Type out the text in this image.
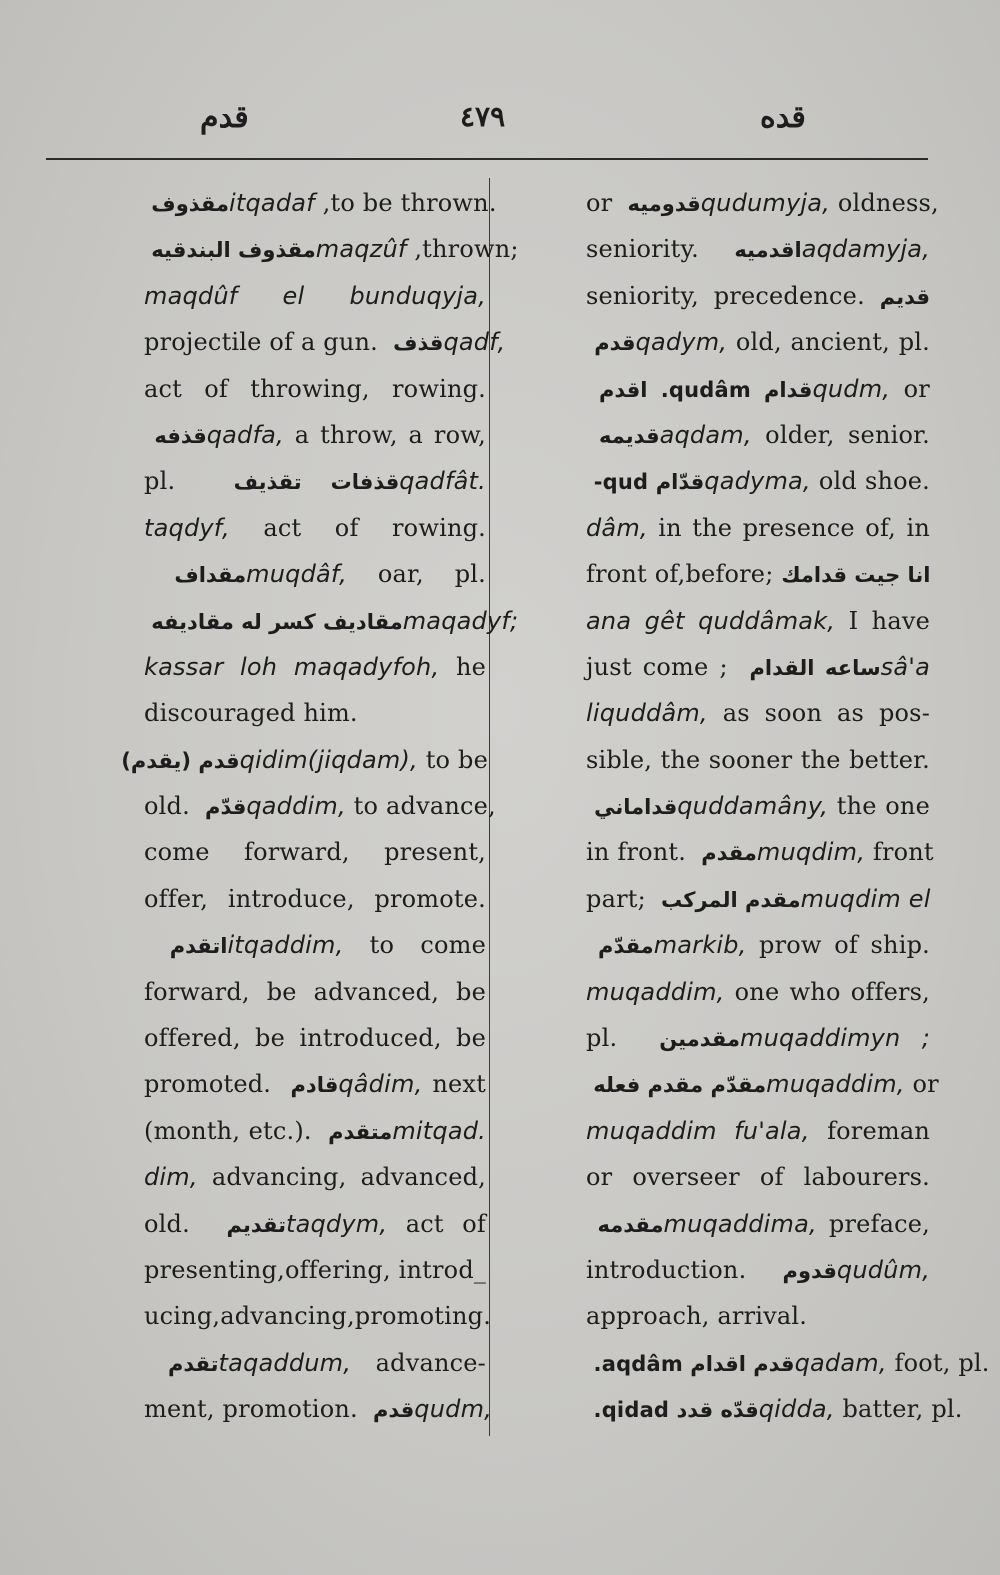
قدم	٤٧٩	قده
مقذوف itqadaf ,to be thrown.
مقذوف البندقيه maqzûf ,thrown;
maqdûf el bunduqyja,
projectile of a gun. قذف qadf,
act of throwing, rowing.
قذفه qadfa, a throw, a row,
pl. قذفات تقذيف qadfât.
taqdyf, act of rowing.
مقداف muqdâf, oar, pl.
مقاديف كسر له مقاديفه maqadyf;
kassar loh maqadyfoh, he
discouraged him.
قدم (يقدم) qidim(jiqdam), to be
old. قدّم qaddim, to advance,
come forward, present,
offer, introduce, promote.
اتقدم itqaddim, to come
forward, be advanced, be
offered, be introduced, be
promoted. قادم qâdim, next
(month, etc.). متقدم mitqad.
dim, advancing, advanced,
old. تقديم taqdym, act of
presenting,offering, introd_
ucing,advancing,promoting.
تقدم taqaddum, advance-
ment, promotion. قدم qudm,
or قدوميه qudumyja, oldness,
seniority. اقدميه aqdamyja,
seniority, precedence. قديم
قدم qadym, old, ancient, pl.
قدام qudâm. اقدم qudm, or
قديمه aqdam, older, senior.
قدّام qud- qadyma, old shoe.
dâm, in the presence of, in
front of,before; انا جيت قدامك
ana gêt quddâmak, I have
just come ; ساعه القدام sâ'a
liquddâm, as soon as pos-
sible, the sooner the better.
قداماني quddamâny, the one
in front. مقدم muqdim, front
part; مقدم المركب muqdim el
مقدّم markib, prow of ship.
muqaddim, one who offers,
pl. مقدمين muqaddimyn ;
مقدّم مقدم فعله muqaddim, or
muqaddim fu'ala, foreman
or overseer of labourers.
مقدمه muqaddima, preface,
introduction. قدوم qudûm,
approach, arrival.
قدم اقدام aqdâm. qadam, foot, pl.
قدّه قدد qidad. qidda, batter, pl.
